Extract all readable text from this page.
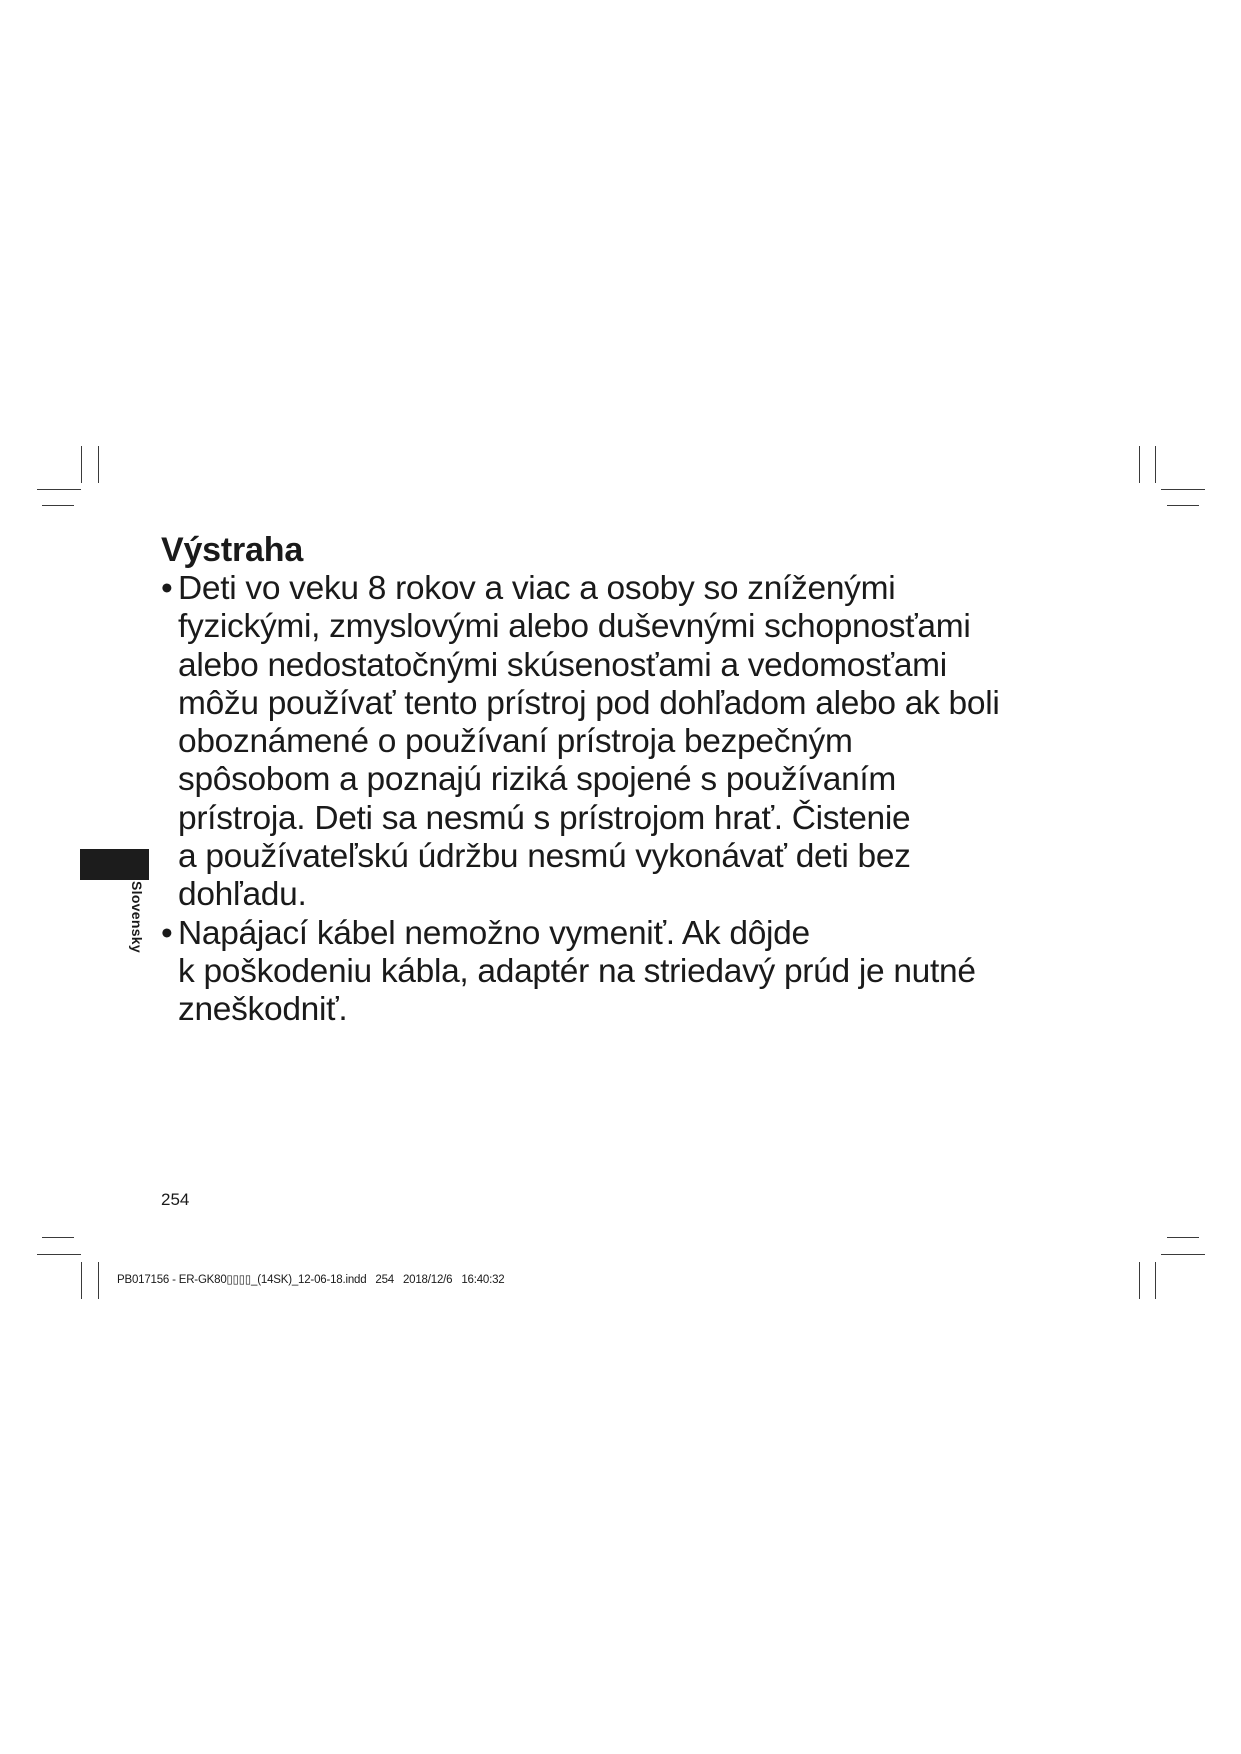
Slovensky
Výstraha
• Deti vo veku 8 rokov a viac a osoby so zníženými
fyzickými, zmyslovými alebo duševnými schopnosťami
alebo nedostatočnými skúsenosťami a vedomosťami
môžu používať tento prístroj pod dohľadom alebo ak boli
oboznámené o používaní prístroja bezpečným
spôsobom a poznajú riziká spojené s používaním
prístroja. Deti sa nesmú s prístrojom hrať. Čistenie
a používateľskú údržbu nesmú vykonávať deti bez
dohľadu.
• Napájací kábel nemožno vymeniť. Ak dôjde
k poškodeniu kábla, adaptér na striedavý prúd je nutné
zneškodniť.
254
PB017156 - ER-GK80▯▯▯▯_(14SK)_12-06-18.indd   254   2018/12/6   16:40:32
